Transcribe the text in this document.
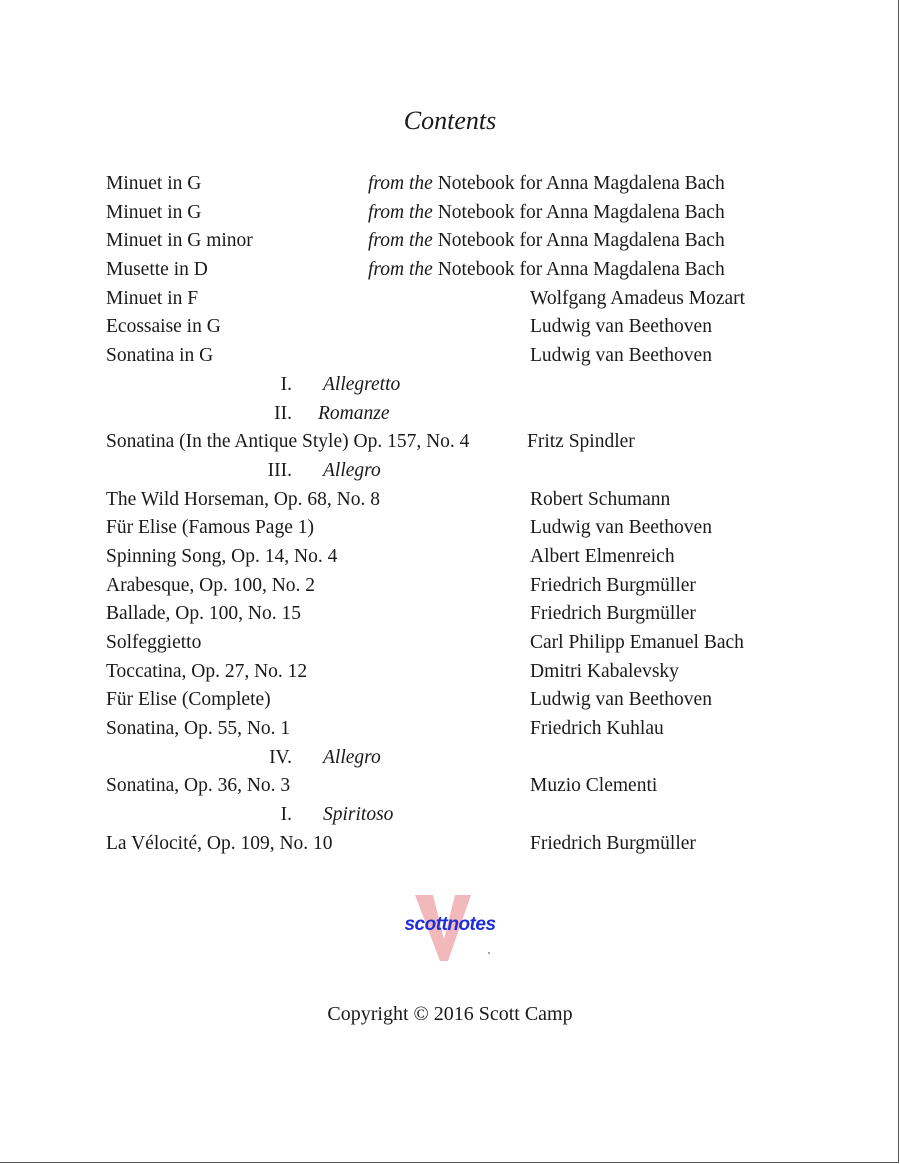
Contents
Minuet in G	from the Notebook for Anna Magdalena Bach
Minuet in G	from the Notebook for Anna Magdalena Bach
Minuet in G minor	from the Notebook for Anna Magdalena Bach
Musette in D	from the Notebook for Anna Magdalena Bach
Minuet in F	Wolfgang Amadeus Mozart
Ecossaise in G	Ludwig van Beethoven
Sonatina in G	Ludwig van Beethoven
I. Allegretto
II. Romanze
Sonatina (In the Antique Style) Op. 157, No. 4	Fritz Spindler
III. Allegro
The Wild Horseman, Op. 68, No. 8	Robert Schumann
Für Elise (Famous Page 1)	Ludwig van Beethoven
Spinning Song, Op. 14, No. 4	Albert Elmenreich
Arabesque, Op. 100, No. 2	Friedrich Burgmüller
Ballade, Op. 100, No. 15	Friedrich Burgmüller
Solfeggietto	Carl Philipp Emanuel Bach
Toccatina, Op. 27, No. 12	Dmitri Kabalevsky
Für Elise (Complete)	Ludwig van Beethoven
Sonatina, Op. 55, No. 1	Friedrich Kuhlau
IV. Allegro
Sonatina, Op. 36, No. 3	Muzio Clementi
I. Spiritoso
La Vélocité, Op. 109, No. 10	Friedrich Burgmüller
scottnotes
Copyright © 2016 Scott Camp
